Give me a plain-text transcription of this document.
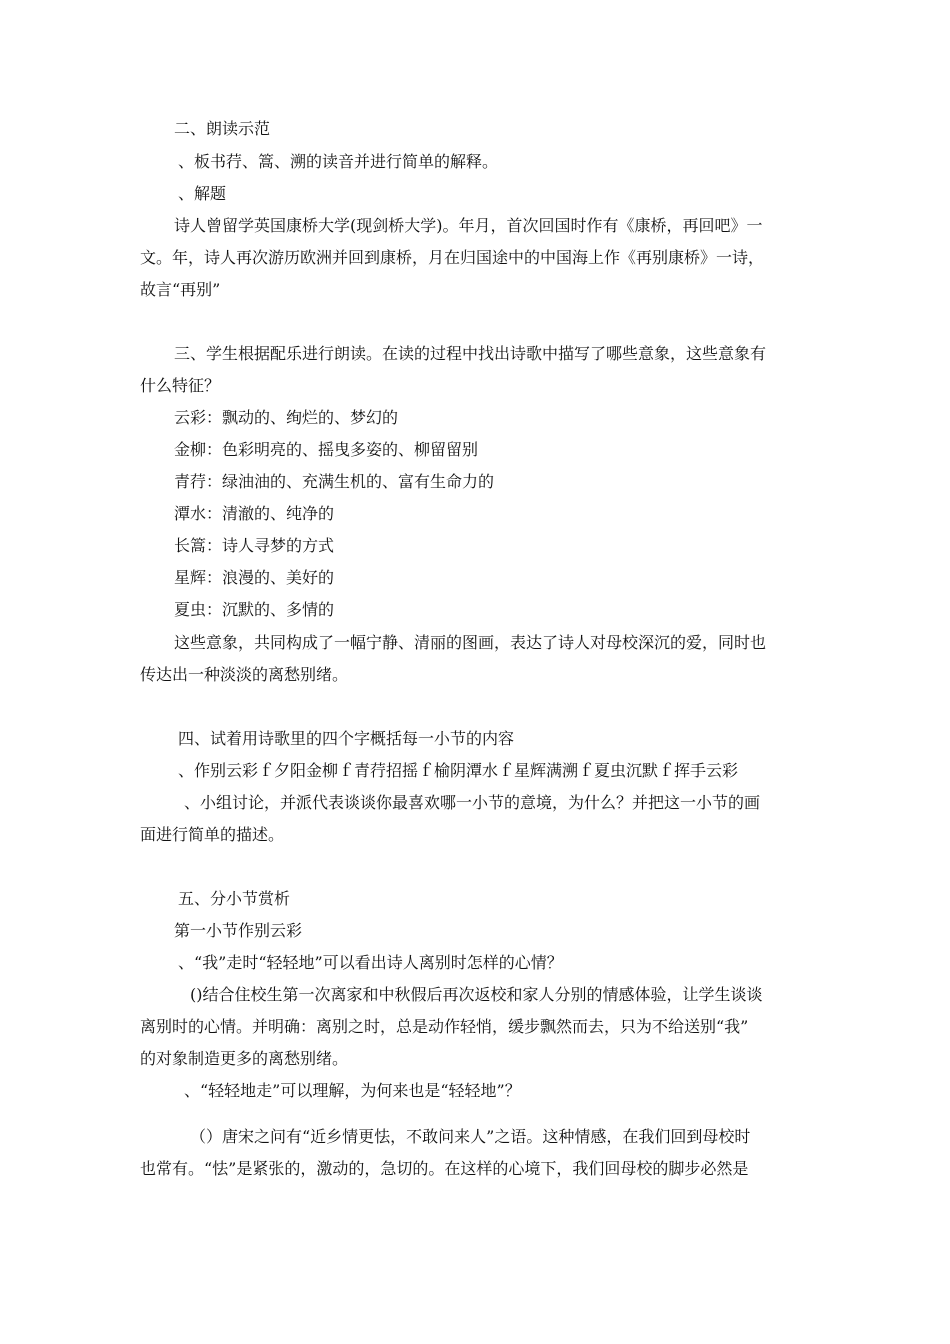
二、朗读示范

、板书荇、篙、溯的读音并进行简单的解释。

、解题

诗人曾留学英国康桥大学(现剑桥大学)。年月，首次回国时作有《康桥，再回吧》一

文。年，诗人再次游历欧洲并回到康桥，月在归国途中的中国海上作《再别康桥》一诗，

故言“再别”

三、学生根据配乐进行朗读。在读的过程中找出诗歌中描写了哪些意象，这些意象有

什么特征？

云彩：飘动的、绚烂的、梦幻的

金柳：色彩明亮的、摇曳多姿的、柳留留别

青荇：绿油油的、充满生机的、富有生命力的

潭水：清澈的、纯净的

长篙：诗人寻梦的方式

星辉：浪漫的、美好的

夏虫：沉默的、多情的

这些意象，共同构成了一幅宁静、清丽的图画，表达了诗人对母校深沉的爱，同时也

传达出一种淡淡的离愁别绪。

四、试着用诗歌里的四个字概括每一小节的内容

、作别云彩ｆ夕阳金柳ｆ青荇招摇ｆ榆阴潭水ｆ星辉满溯ｆ夏虫沉默ｆ挥手云彩

、小组讨论，并派代表谈谈你最喜欢哪一小节的意境，为什么？并把这一小节的画

面进行简单的描述。

五、分小节赏析

第一小节作别云彩

、“我”走时“轻轻地”可以看出诗人离别时怎样的心情？

()结合住校生第一次离家和中秋假后再次返校和家人分别的情感体验，让学生谈谈

离别时的心情。并明确：离别之时，总是动作轻悄，缓步飘然而去，只为不给送别“我”

的对象制造更多的离愁别绪。

、“轻轻地走”可以理解，为何来也是“轻轻地”？

（）唐宋之问有“近乡情更怯，不敢问来人”之语。这种情感，在我们回到母校时

也常有。“怯”是紧张的，激动的，急切的。在这样的心境下，我们回母校的脚步必然是
